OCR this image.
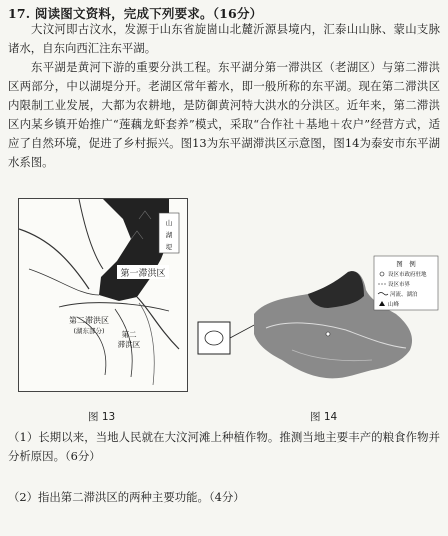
17. 阅读图文资料，完成下列要求。（16分）
大汶河即古汶水，发源于山东省旋崮山北麓沂源县境内，汇泰山山脉、蒙山支脉诸水，自东向西汇注东平湖。
东平湖是黄河下游的重要分洪工程。东平湖分第一滞洪区（老湖区）与第二滞洪区两部分，中以湖堤分开。老湖区常年蓄水，即一般所称的东平湖。现在第二滞洪区内限制工业发展，大都为农耕地，是防御黄河特大洪水的分洪区。近年来，第二滞洪区内某乡镇开始推广“莲藕龙虾套养”模式，采取“合作社＋基地＋农户”经营方式，适应了自然环境，促进了乡村振兴。图13为东平湖滞洪区示意图，图14为泰安市东平湖水系图。
第一滞洪区
第二滞洪区
(湖东部分) 第二
滞洪区
山
湖
堤
图　例
设区市政府驻地
设区市界
河流、湖泊
山峰
图 13	图 14
（1）长期以来，当地人民就在大汶河滩上种植作物。推测当地主要丰产的粮食作物并分析原因。（6分）
（2）指出第二滞洪区的两种主要功能。（4分）
